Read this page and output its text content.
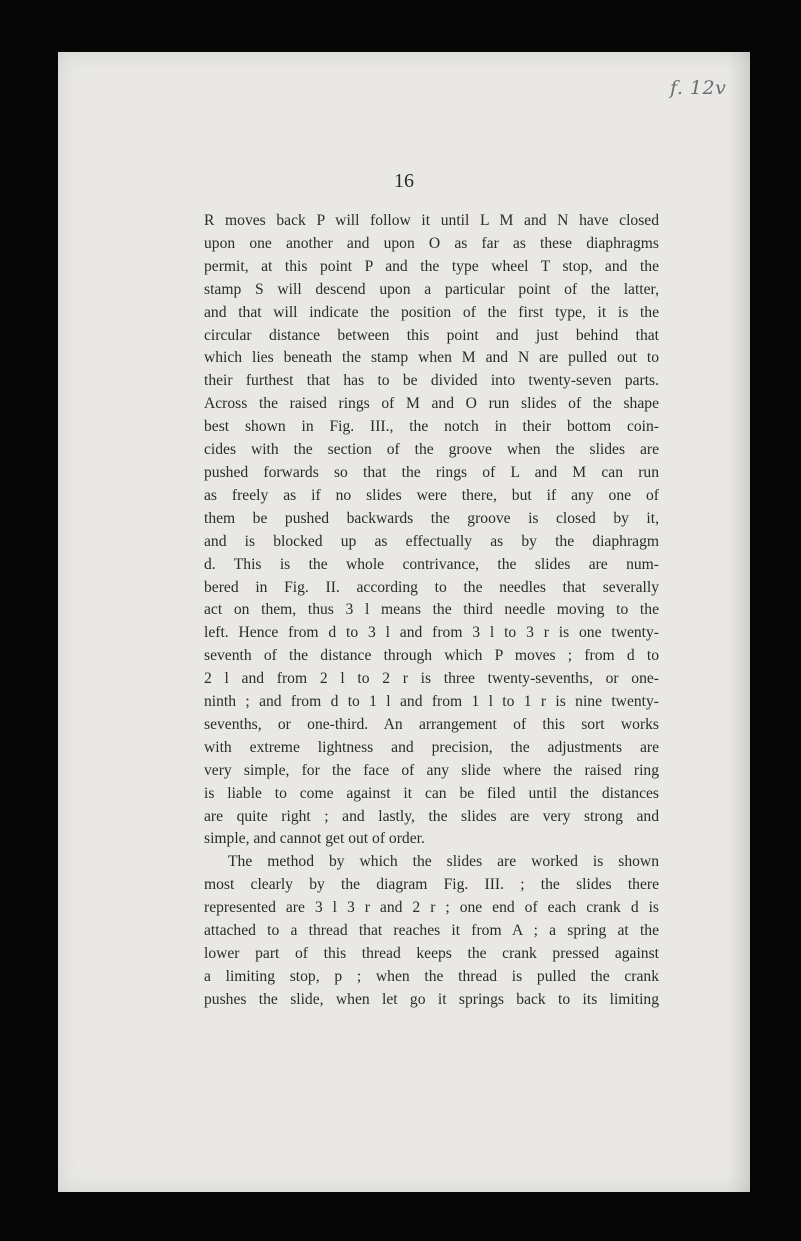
f. 12v
16
R moves back P will follow it until L M and N have closed
upon one another and upon O as far as these diaphragms
permit, at this point P and the type wheel T stop, and the
stamp S will descend upon a particular point of the latter,
and that will indicate the position of the first type, it is the
circular distance between this point and just behind that
which lies beneath the stamp when M and N are pulled out to
their furthest that has to be divided into twenty-seven parts.
Across the raised rings of M and O run slides of the shape
best shown in Fig. III., the notch in their bottom coin-
cides with the section of the groove when the slides are
pushed forwards so that the rings of L and M can run
as freely as if no slides were there, but if any one of
them be pushed backwards the groove is closed by it,
and is blocked up as effectually as by the diaphragm
d. This is the whole contrivance, the slides are num-
bered in Fig. II. according to the needles that severally
act on them, thus 3 l means the third needle moving to the
left. Hence from d to 3 l and from 3 l to 3 r is one twenty-
seventh of the distance through which P moves ; from d to
2 l and from 2 l to 2 r is three twenty-sevenths, or one-
ninth ; and from d to 1 l and from 1 l to 1 r is nine twenty-
sevenths, or one-third. An arrangement of this sort works
with extreme lightness and precision, the adjustments are
very simple, for the face of any slide where the raised ring
is liable to come against it can be filed until the distances
are quite right ; and lastly, the slides are very strong and
simple, and cannot get out of order.
The method by which the slides are worked is shown
most clearly by the diagram Fig. III. ; the slides there
represented are 3 l 3 r and 2 r ; one end of each crank d is
attached to a thread that reaches it from A ; a spring at the
lower part of this thread keeps the crank pressed against
a limiting stop, p ; when the thread is pulled the crank
pushes the slide, when let go it springs back to its limiting
